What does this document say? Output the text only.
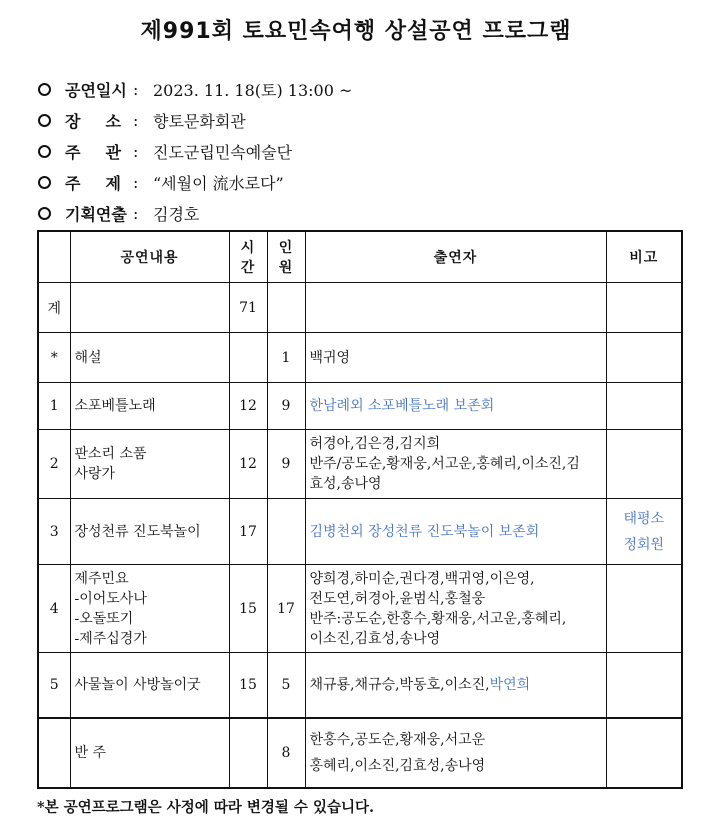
제991회 토요민속여행 상설공연 프로그램
공연일시 : 2023. 11. 18(토) 13:00 ~
장 소 : 향토문화회관
주 관 : 진도군립민속예술단
주 제 : “세월이 流水로다”
기획연출 : 김경호
	공연내용	시간	인원	출연자	비고
계		71			
*	해설		1	백귀영	
1	소포베틀노래	12	9	한남례외 소포베틀노래 보존회	
2	판소리 소품
사랑가	12	9	허경아,김은경,김지희
반주/공도순,황재웅,서고운,홍혜리,이소진,김
효성,송나영	

3	장성천류 진도북놀이	17		김병천외 장성천류 진도북놀이 보존회	태평소
정회원

4	제주민요
-이어도사나
-오돌또기
-제주십경가	15	17	양희경,하미순,권다경,백귀영,이은영,
전도연,허경아,윤범식,홍철웅
반주:공도순,한홍수,황재웅,서고운,홍혜리,
이소진,김효성,송나영	

5	사물놀이 사방놀이굿	15	5	채규룡,채규승,박동호,이소진,박연희	
	반 주		8	한홍수,공도순,황재웅,서고운
홍혜리,이소진,김효성,송나영	

*본 공연프로그램은 사정에 따라 변경될 수 있습니다.
